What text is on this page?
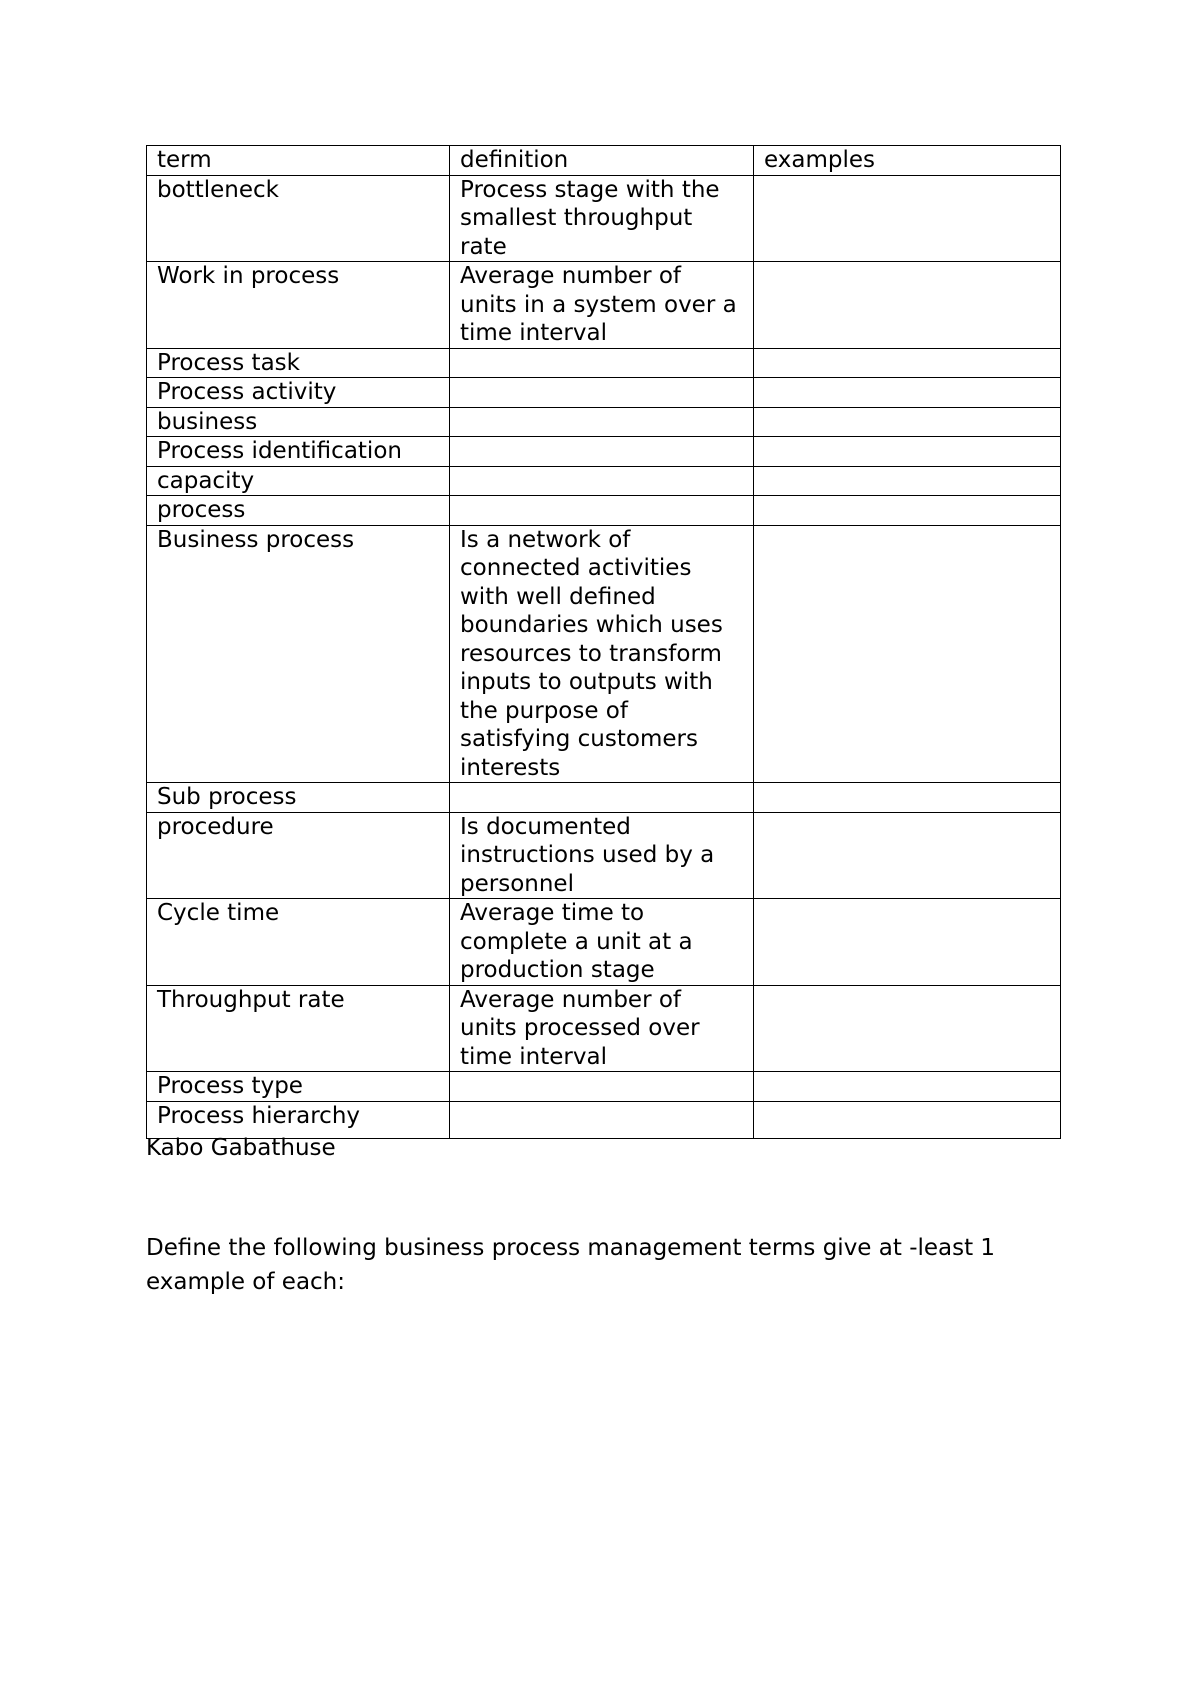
term	definition	examples
bottleneck	Process stage with the smallest throughput rate	
Work in process	Average number of units in a system over a time interval	
Process task		
Process activity		
business		
Process identification		
capacity		
process		
Business process	Is a network of connected activities with well defined boundaries which uses resources to transform inputs to outputs with the purpose of satisfying customers interests	
Sub process		
procedure	Is documented instructions used by a personnel	
Cycle time	Average time to complete a unit at a production stage	
Throughput rate	Average number of units processed over time interval	
Process type		
Process hierarchy		
Kabo Gabathuse
Define the following business process management terms give at -least 1 example of each:
